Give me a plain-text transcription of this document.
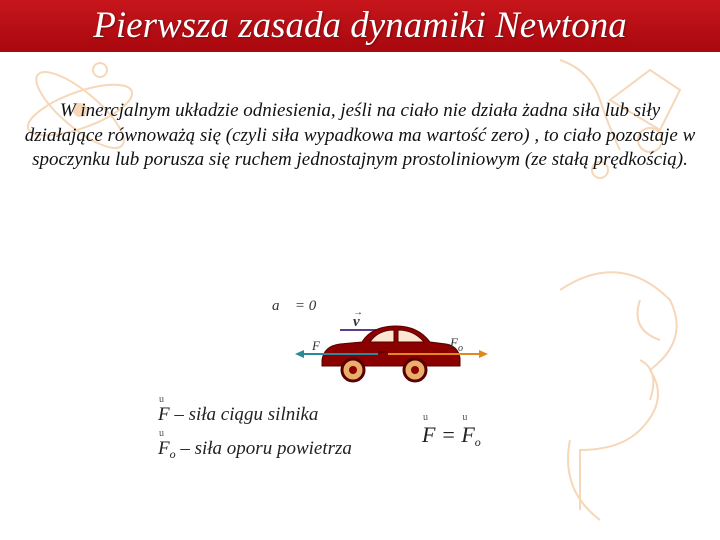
Pierwsza zasada dynamiki Newtona
W inercjalnym układzie odniesienia, jeśli na ciało nie działa żadna siła lub siły działające równoważą się (czyli siła wypadkowa ma wartość zero) , to ciało pozostaje w spoczynku lub porusza się ruchem jednostajnym prostoliniowym (ze stałą prędkością).
a⃗ = 0
v
→
F	$F_o$
u
F – siła ciągu silnika
u
$F_o$ – siła oporu powietrza
u
F =
u
$F_o$
